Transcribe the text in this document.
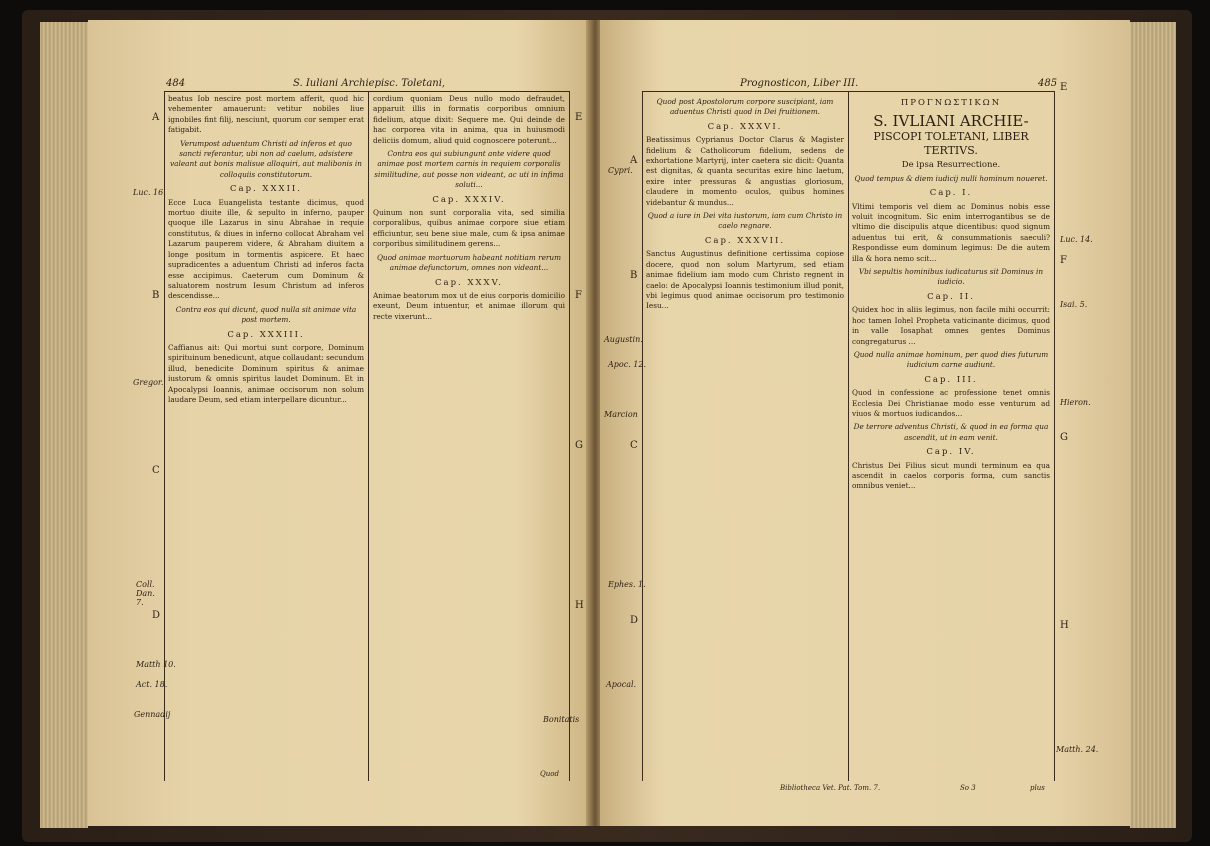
484	S. Iuliani Archiepisc. Toletani,
A
B
C
D
E
F
G
H
Luc. 16.
Gregor.
Coll. Dan. 7.
Matth 10.
Act. 18.
Gennadij
Bonitatis

beatus Iob nescire post mortem afferit, quod hic vehementer amauerunt: vetitur nobiles liue ignobiles fint filij, nesciunt, quorum cor semper erat fatigabit.

Verumpost aduentum Christi ad inferos et quo sancti referantur, ubi non ad caelum, adsistere valeant aut bonis malisue alloquiri, aut malibonis in colloquiis constitutorum.
Cap. XXXII.

Ecce Luca Euangelista testante dicimus, quod mortuo diuite ille, & sepulto in inferno, pauper quoque ille Lazarus in sinu Abrahae in requie constitutus, & diues in inferno collocat Abraham vel Lazarum pauperem videre, & Abraham diuitem a longe positum in tormentis aspicere. Et haec supradicentes a aduentum Christi ad inferos facta esse accipimus. Caeterum cum Dominum & saluatorem nostrum Iesum Christum ad inferos descendisse...

Contra eos qui dicunt, quod nulla sit animae vita post mortem.
Cap. XXXIII.

Caffianus ait: Qui mortui sunt corpore, Dominum spirituinum benedicunt, atque collaudant: secundum illud, benedicite Dominum spiritus & animae iustorum & omnis spiritus laudet Dominum. Et in Apocalypsi Ioannis, animae occisorum non solum laudare Deum, sed etiam interpellare dicuntur...

cordium quoniam Deus nullo modo defraudet, apparuit illis in formatis corporibus omnium fidelium, atque dixit: Sequere me. Qui deinde de hac corporea vita in anima, qua in huiusmodi deliciis domum, aliud quid cognoscere poterunt...

Contra eos qui subiungunt ante videre quod animae post mortem carnis in requiem corporalis similitudine, aut posse non videant, ac uti in infima soluti...
Cap. XXXIV.

Quinum non sunt corporalia vita, sed similia corporalibus, quibus animae corpore siue etiam efficiuntur, seu bene siue male, cum & ipsa animae corporibus similitudinem gerens...

Quod animae mortuorum habeant notitiam rerum animae defunctorum, omnes non videant...
Cap. XXXV.

Animae beatorum mox ut de eius corporis domicilio exeunt, Deum intuentur, et animae illorum qui recte vixerunt...

Quod
Prognosticon, Liber III.	485
A
B
C
D
E
F
G
H
Cypri.
Augustin.
Apoc. 12.
Marcion
Ephes. 1.
Apocal.
Luc. 14.
Matth. 24.
Isai. 5.
Hieron.
Quod post Apostolorum corpore suscipiant, iam aduentus Christi quod in Dei fruitionem.
Cap. XXXVI.

Beatissimus Cyprianus Doctor Clarus & Magister fidelium & Catholicorum fidelium, sedens de exhortatione Martyrij, inter caetera sic dicit: Quanta est dignitas, & quanta securitas exire hinc laetum, exire inter pressuras & angustias gloriosum, claudere in momento oculos, quibus homines videbantur & mundus...

Quod a iure in Dei vita iustorum, iam cum Christo in caelo regnare.
Cap. XXXVII.

Sanctus Augustinus definitione certissima copiose docere, quod non solum Martyrum, sed etiam animae fidelium iam modo cum Christo regnent in caelo: de Apocalypsi Ioannis testimonium illud ponit, vbi legimus quod animae occisorum pro testimonio Iesu...

ΠΡΟΓΝΩΣΤΙΚΩΝ
S. IVLIANI ARCHIE-
PISCOPI TOLETANI, LIBER
TERTIVS.
De ipsa Resurrectione.
Quod tempus & diem iudicij nulli hominum noueret.
Cap. I.

Vltimi temporis vel diem ac Dominus nobis esse voluit incognitum. Sic enim interrogantibus se de vltimo die discipulis atque dicentibus: quod signum aduentus tui erit, & consummationis saeculi? Respondisse eum dominum legimus: De die autem illa & hora nemo scit...

Vbi sepultis hominibus iudicaturus sit Dominus in iudicio.
Cap. II.

Quidex hoc in aliis legimus, non facile mihi occurrit: hoc tamen Iohel Propheta vaticinante dicimus, quod in valle Iosaphat omnes gentes Dominus congregaturus ...

Quod nulla animae hominum, per quod dies futurum iudicium carne audiunt.
Cap. III.

Quod in confessione ac professione tenet omnis Ecclesia Dei Christianae modo esse venturum ad viuos & mortuos iudicandos...

De terrore adventus Christi, & quod in ea forma qua ascendit, ut in eam venit.
Cap. IV.

Christus Dei Filius sicut mundi terminum ea qua ascendit in caelos corporis forma, cum sanctis omnibus veniet...

Bibliotheca Vet. Pat. Tom. 7.	So 3	plus
